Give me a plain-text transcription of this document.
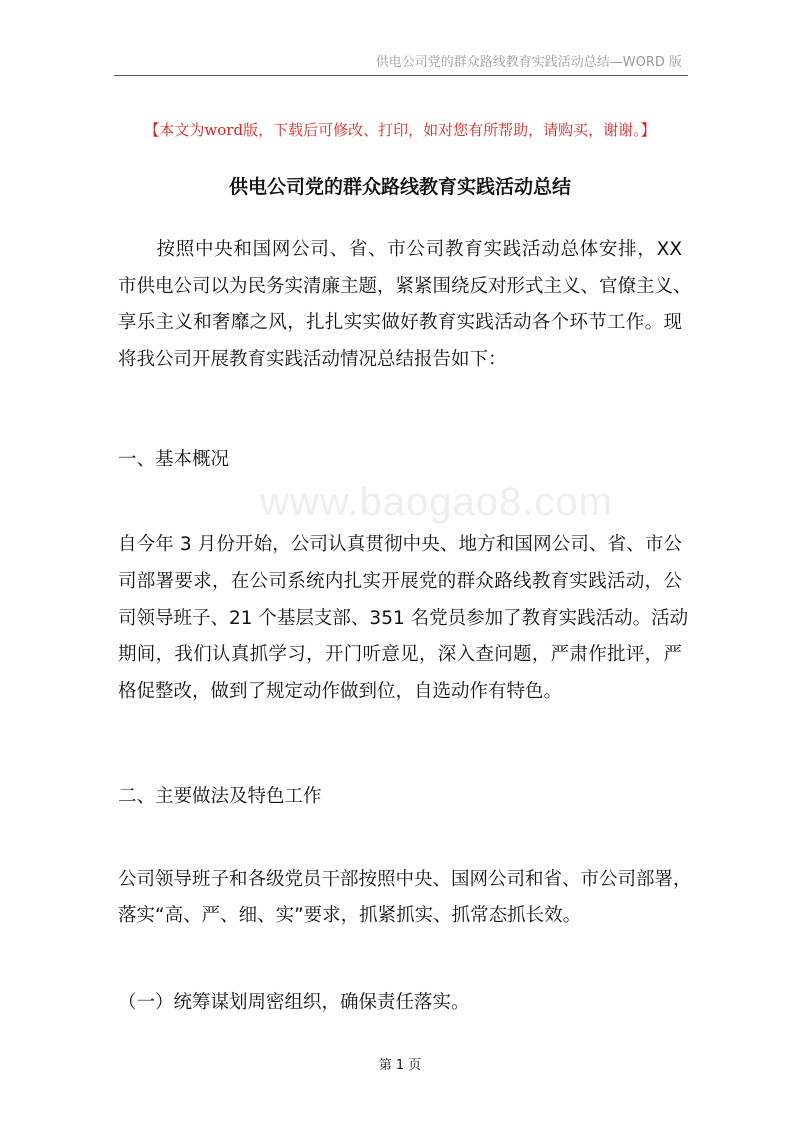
供电公司党的群众路线教育实践活动总结—WORD 版
【本文为word版，下载后可修改、打印，如对您有所帮助，请购买，谢谢。】
供电公司党的群众路线教育实践活动总结
　　按照中央和国网公司、省、市公司教育实践活动总体安排，XX
市供电公司以为民务实清廉主题，紧紧围绕反对形式主义、官僚主义、
享乐主义和奢靡之风，扎扎实实做好教育实践活动各个环节工作。现
将我公司开展教育实践活动情况总结报告如下：
一、基本概况
www.baogao8.com
自今年 3 月份开始，公司认真贯彻中央、地方和国网公司、省、市公
司部署要求，在公司系统内扎实开展党的群众路线教育实践活动，公
司领导班子、21 个基层支部、351 名党员参加了教育实践活动。活动
期间，我们认真抓学习，开门听意见，深入查问题，严肃作批评，严
格促整改，做到了规定动作做到位，自选动作有特色。
二、主要做法及特色工作
公司领导班子和各级党员干部按照中央、国网公司和省、市公司部署，
落实“高、严、细、实”要求，抓紧抓实、抓常态抓长效。
（一）统筹谋划周密组织，确保责任落实。
第 1 页
